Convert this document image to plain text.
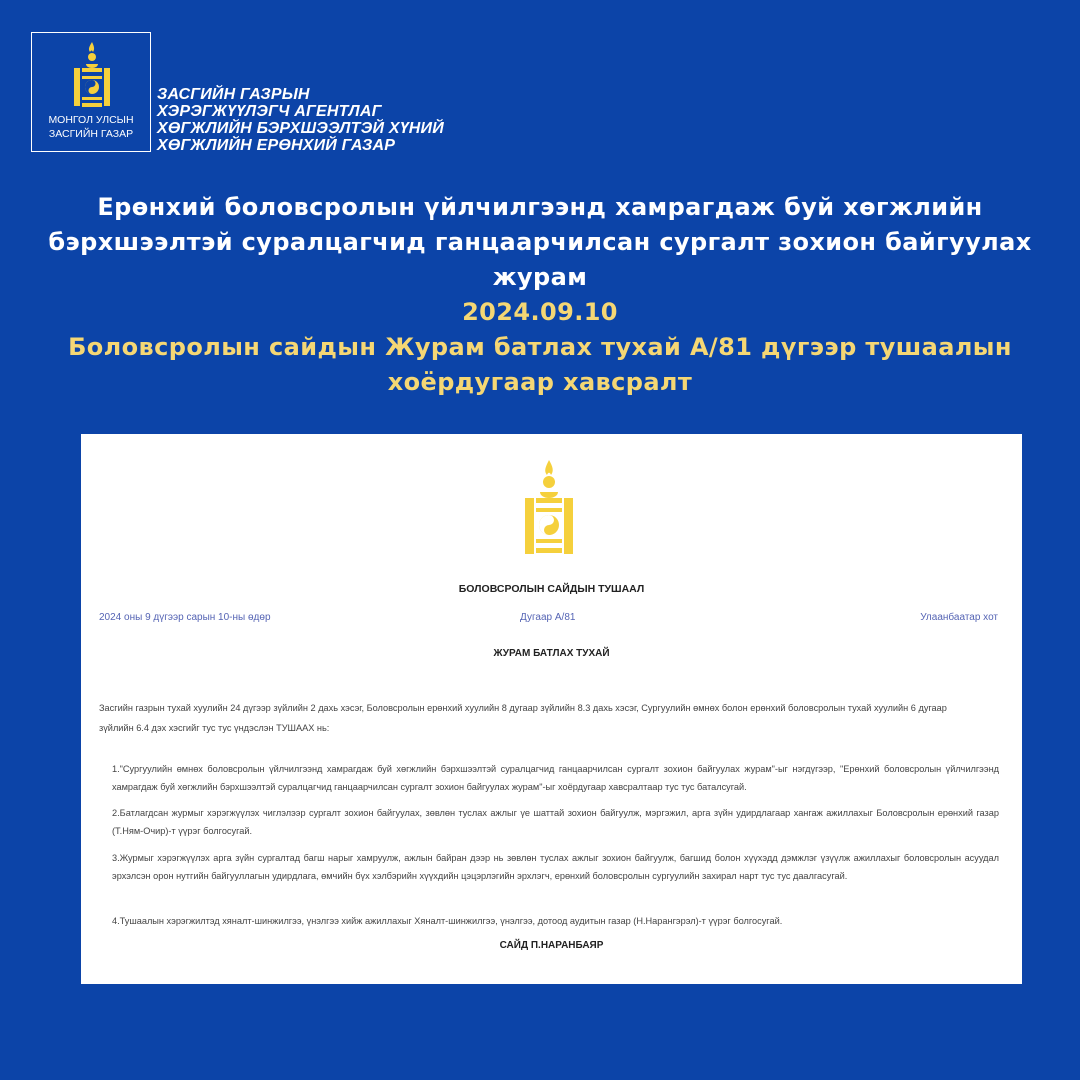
МОНГОЛ УЛСЫН
ЗАСГИЙН ГАЗАР
ЗАСГИЙН ГАЗРЫН
ХЭРЭГЖҮҮЛЭГЧ АГЕНТЛАГ
ХӨГЖЛИЙН БЭРХШЭЭЛТЭЙ ХҮНИЙ
ХӨГЖЛИЙН ЕРӨНХИЙ ГАЗАР
Ерөнхий боловсролын үйлчилгээнд хамрагдаж буй хөгжлийн
бэрхшээлтэй суралцагчид ганцаарчилсан сургалт зохион байгуулах
журам
2024.09.10
Боловсролын сайдын Журам батлах тухай А/81 дүгээр тушаалын
хоёрдугаар хавсралт
БОЛОВСРОЛЫН САЙДЫН ТУШААЛ
2024 оны 9 дүгээр сарын 10-ны өдөр	Дугаар А/81	Улаанбаатар хот
ЖУРАМ БАТЛАХ ТУХАЙ
Засгийн газрын тухай хуулийн 24 дүгээр зүйлийн 2 дахь хэсэг, Боловсролын ерөнхий хуулийн 8 дугаар зүйлийн 8.3 дахь хэсэг, Сургуулийн өмнөх болон ерөнхий боловсролын тухай хуулийн 6 дугаар зүйлийн 6.4 дэх хэсгийг тус тус үндэслэн ТУШААХ нь:
1."Сургуулийн өмнөх боловсролын үйлчилгээнд хамрагдаж буй хөгжлийн бэрхшээлтэй суралцагчид ганцаарчилсан сургалт зохион байгуулах журам"-ыг нэгдүгээр, "Ерөнхий боловсролын үйлчилгээнд хамрагдаж буй хөгжлийн бэрхшээлтэй суралцагчид ганцаарчилсан сургалт зохион байгуулах журам"-ыг хоёрдугаар хавсралтаар тус тус баталсугай.
2.Батлагдсан журмыг хэрэгжүүлэх чиглэлээр сургалт зохион байгуулах, зөвлөн туслах ажлыг үе шаттай зохион байгуулж, мэргэжил, арга зүйн удирдлагаар хангаж ажиллахыг Боловсролын ерөнхий газар (Т.Ням-Очир)-т үүрэг болгосугай.
3.Журмыг хэрэгжүүлэх арга зүйн сургалтад багш нарыг хамруулж, ажлын байран дээр нь зөвлөн туслах ажлыг зохион байгуулж, багшид болон хүүхэдд дэмжлэг үзүүлж ажиллахыг боловсролын асуудал эрхэлсэн орон нутгийн байгууллагын удирдлага, өмчийн бүх хэлбэрийн хүүхдийн цэцэрлэгийн эрхлэгч, ерөнхий боловсролын сургуулийн захирал нарт тус тус даалгасугай.
4.Тушаалын хэрэгжилтэд хяналт-шинжилгээ, үнэлгээ хийж ажиллахыг Хяналт-шинжилгээ, үнэлгээ, дотоод аудитын газар (Н.Нарангэрэл)-т үүрэг болгосугай.
САЙД П.НАРАНБАЯР
